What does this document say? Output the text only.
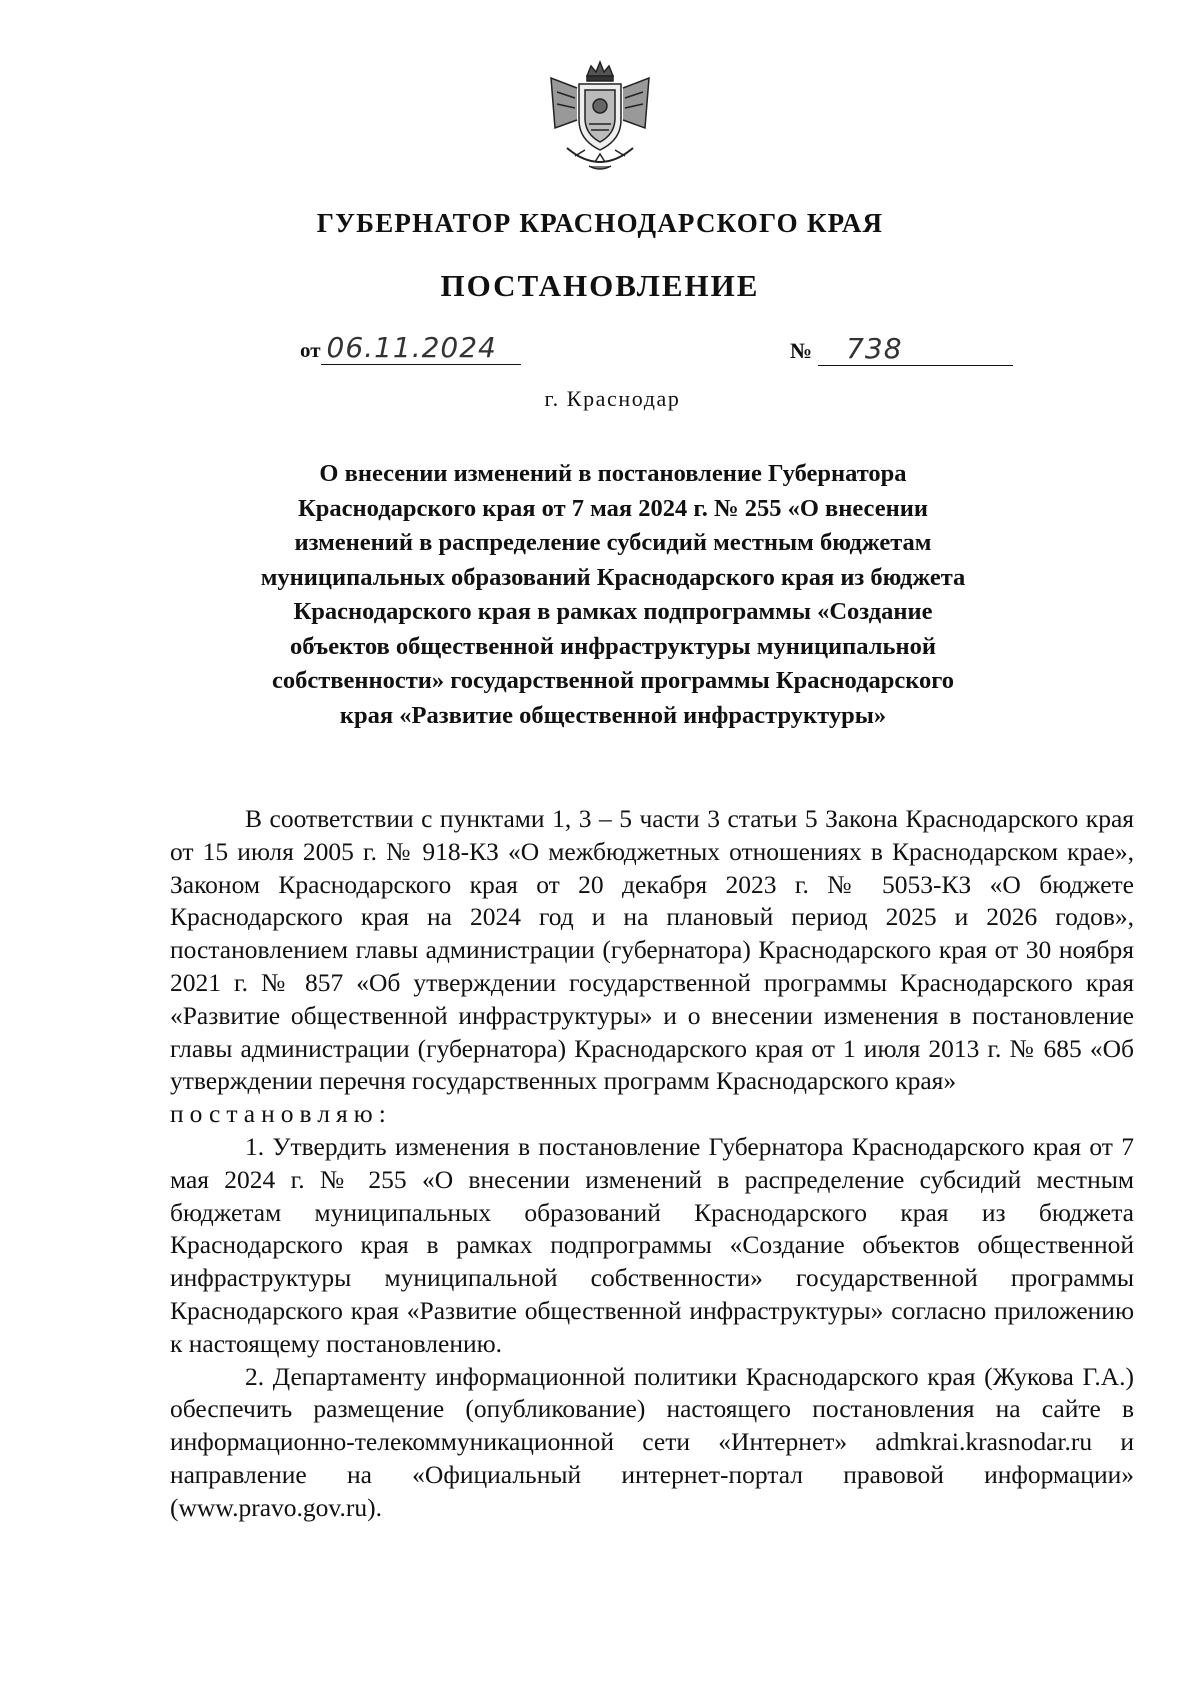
ГУБЕРНАТОР КРАСНОДАРСКОГО КРАЯ
ПОСТАНОВЛЕНИЕ
от 06.11.2024	№ 738
г. Краснодар
О внесении изменений в постановление Губернатора Краснодарского края от 7 мая 2024 г. № 255 «О внесении изменений в распределение субсидий местным бюджетам муниципальных образований Краснодарского края из бюджета Краснодарского края в рамках подпрограммы «Создание объектов общественной инфраструктуры муниципальной собственности» государственной программы Краснодарского края «Развитие общественной инфраструктуры»

В соответствии с пунктами 1, 3 – 5 части 3 статьи 5 Закона Краснодарского края от 15 июля 2005 г. № 918-КЗ «О межбюджетных отношениях в Краснодарском крае», Законом Краснодарского края от 20 декабря 2023 г. № 5053-КЗ «О бюджете Краснодарского края на 2024 год и на плановый период 2025 и 2026 годов», постановлением главы администрации (губернатора) Краснодарского края от 30 ноября 2021 г. № 857 «Об утверждении государственной программы Краснодарского края «Развитие общественной инфраструктуры» и о внесении изменения в постановление главы администрации (губернатора) Краснодарского края от 1 июля 2013 г. № 685 «Об утверждении перечня государственных программ Краснодарского края»
постановляю:

1. Утвердить изменения в постановление Губернатора Краснодарского края от 7 мая 2024 г. № 255 «О внесении изменений в распределение субсидий местным бюджетам муниципальных образований Краснодарского края из бюджета Краснодарского края в рамках подпрограммы «Создание объектов общественной инфраструктуры муниципальной собственности» государственной программы Краснодарского края «Развитие общественной инфраструктуры» согласно приложению к настоящему постановлению.

2. Департаменту информационной политики Краснодарского края (Жукова Г.А.) обеспечить размещение (опубликование) настоящего постановления на сайте в информационно-телекоммуникационной сети «Интернет» admkrai.krasnodar.ru и направление на «Официальный интернет-портал правовой информации» (www.pravo.gov.ru).
